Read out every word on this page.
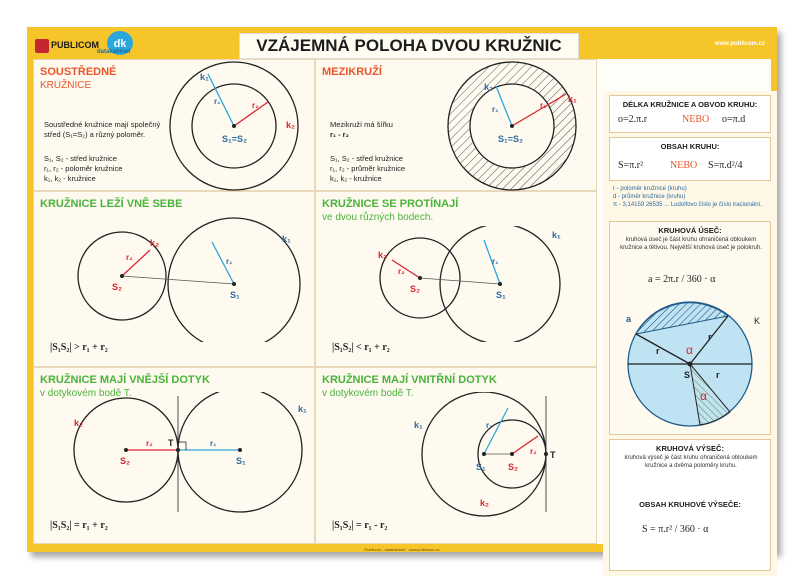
PUBLICOM dk
datakabinet	VZÁJEMNÁ POLOHA DVOU KRUŽNIC	www.publicom.cz
SOUSTŘEDNÉ
KRUŽNICE
Soustředné kružnice mají společný střed (S₁=S₂) a různý poloměr.
S₁, S₂ - střed kružnice
r₁, r₂ - poloměr kružnice
k₁, k₂ - kružnice
k₁
k₂
r₁	r₂
S₁=S₂
MEZIKRUŽÍ
Mezikruží má šířku
r₁ - r₂
S₁, S₂ - střed kružnice
r₁, r₂ - průměr kružnice
k₁, k₂ - kružnice
k₂
k₁
r₁	r₂
S₁=S₂
KRUŽNICE LEŽÍ VNĚ SEBE
k₂	k₁
r₂	r₁
S₂
S₁
|S₁S₂| > r₁ + r₂
KRUŽNICE SE PROTÍNAJÍ
ve dvou různých bodech.
k₂
k₁
r₂
r₁
S₂
S₁
|S₁S₂| < r₁ + r₂
KRUŽNICE MAJÍ VNĚJŠÍ DOTYK
v dotykovém bodě T.
k₂
k₁
r₂	r₁
S₂	S₁
T
|S₁S₂| = r₁ + r₂
KRUŽNICE MAJÍ VNITŘNÍ DOTYK
v dotykovém bodě T.
k₁
k₂
r₁
r₂
S₁ S₂
T
|S₁S₂| = r₁ - r₂
DÉLKA KRUŽNICE A OBVOD KRUHU:
o=2.π.r	NEBO o=π.d
OBSAH KRUHU:
S=π.r²	NEBO S=π.d²/4
r - poloměr kružnice (kruhu)
d - průměr kružnice (kruhu)
π - 3,14159 26535 ... Ludolfovo číslo je číslo iracionální.
KRUHOVÁ ÚSEČ:
kruhová úseč je část kruhu ohraničená obloukem kružnice a tětivou. Největší kruhová úseč je polokruh.
a = 2π.r / 360 · α
a	K
r
r
r
S
α
α
KRUHOVÁ VÝSEČ:
kruhová výseč je část kruhu ohraničená obloukem kružnice a dvěma poloměry kruhu.
OBSAH KRUHOVÉ VÝSEČE:
S = π.r² / 360 · α
Publicom - datakabinet · www.publicom.cz
